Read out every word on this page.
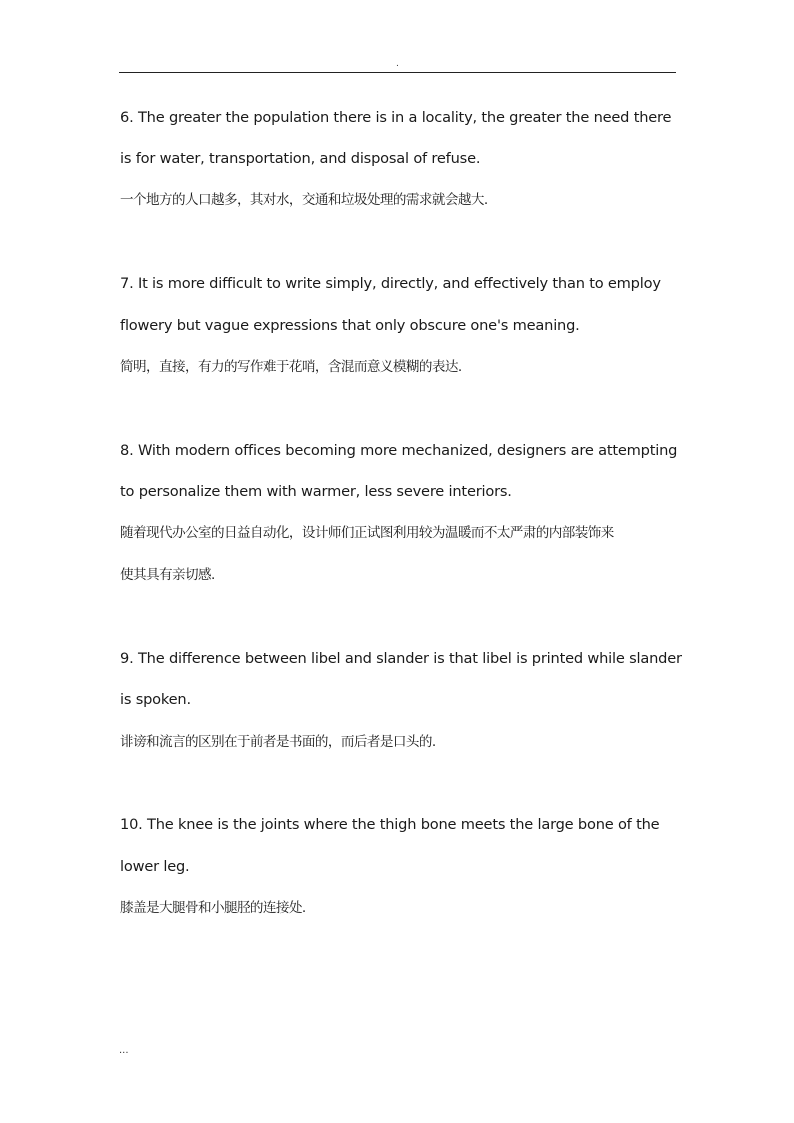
.
6. The greater the population there is in a locality, the greater the need there
is for water, transportation, and disposal of refuse.
一个地方的人口越多，其对水，交通和垃圾处理的需求就会越大.
7. It is more difficult to write simply, directly, and effectively than to employ
flowery but vague expressions that only obscure one's meaning.
简明，直接，有力的写作难于花哨，含混而意义模糊的表达.
8. With modern offices becoming more mechanized, designers are attempting
to personalize them with warmer, less severe interiors.
随着现代办公室的日益自动化，设计师们正试图利用较为温暖而不太严肃的内部装饰来
使其具有亲切感.
9. The difference between libel and slander is that libel is printed while slander
is spoken.
诽谤和流言的区别在于前者是书面的，而后者是口头的.
10. The knee is the joints where the thigh bone meets the large bone of the
lower leg.
膝盖是大腿骨和小腿胫的连接处.
...
